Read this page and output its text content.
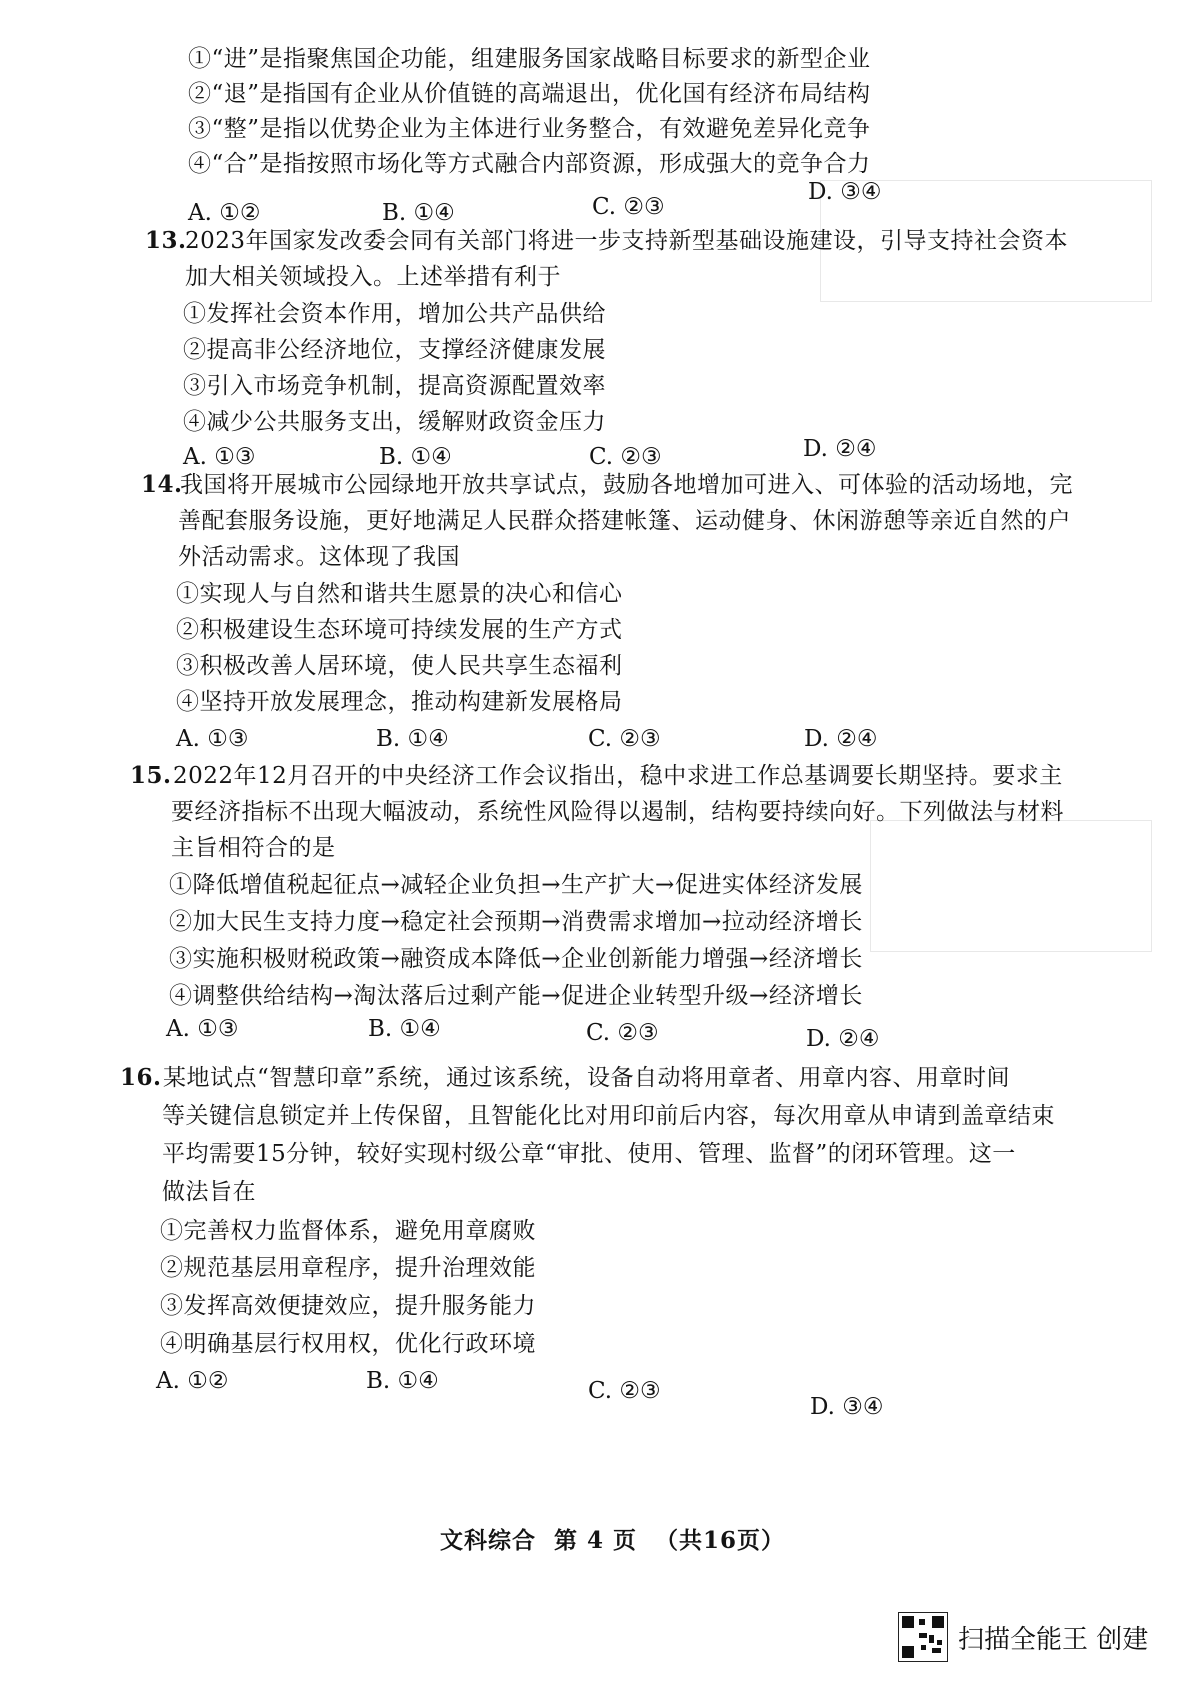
①“进”是指聚焦国企功能，组建服务国家战略目标要求的新型企业
②“退”是指国有企业从价值链的高端退出，优化国有经济布局结构
③“整”是指以优势企业为主体进行业务整合，有效避免差异化竞争
④“合”是指按照市场化等方式融合内部资源，形成强大的竞争合力
A. ①②	B. ①④	C. ②③
D. ③④
13.
2023年国家发改委会同有关部门将进一步支持新型基础设施建设，引导支持社会资本
加大相关领域投入。上述举措有利于
①发挥社会资本作用，增加公共产品供给
②提高非公经济地位，支撑经济健康发展
③引入市场竞争机制，提高资源配置效率
④减少公共服务支出，缓解财政资金压力
A. ①③	B. ①④	C. ②③	D. ②④
14.
我国将开展城市公园绿地开放共享试点，鼓励各地增加可进入、可体验的活动场地，完
善配套服务设施，更好地满足人民群众搭建帐篷、运动健身、休闲游憩等亲近自然的户
外活动需求。这体现了我国
①实现人与自然和谐共生愿景的决心和信心
②积极建设生态环境可持续发展的生产方式
③积极改善人居环境，使人民共享生态福利
④坚持开放发展理念，推动构建新发展格局
A. ①③	B. ①④	C. ②③	D. ②④
15. 2022年12月召开的中央经济工作会议指出，稳中求进工作总基调要长期坚持。要求主
要经济指标不出现大幅波动，系统性风险得以遏制，结构要持续向好。下列做法与材料
主旨相符合的是
①降低增值税起征点→减轻企业负担→生产扩大→促进实体经济发展
②加大民生支持力度→稳定社会预期→消费需求增加→拉动经济增长
③实施积极财税政策→融资成本降低→企业创新能力增强→经济增长
④调整供给结构→淘汰落后过剩产能→促进企业转型升级→经济增长
A. ①③	B. ①④	C. ②③	D. ②④
16. 某地试点“智慧印章”系统，通过该系统，设备自动将用章者、用章内容、用章时间
等关键信息锁定并上传保留，且智能化比对用印前后内容，每次用章从申请到盖章结束
平均需要15分钟，较好实现村级公章“审批、使用、管理、监督”的闭环管理。这一
做法旨在
①完善权力监督体系，避免用章腐败
②规范基层用章程序，提升治理效能
③发挥高效便捷效应，提升服务能力
④明确基层行权用权，优化行政环境
A. ①②	B. ①④	C. ②③
D. ③④
文科综合 第 4 页 （共16页）
扫描全能王 创建
